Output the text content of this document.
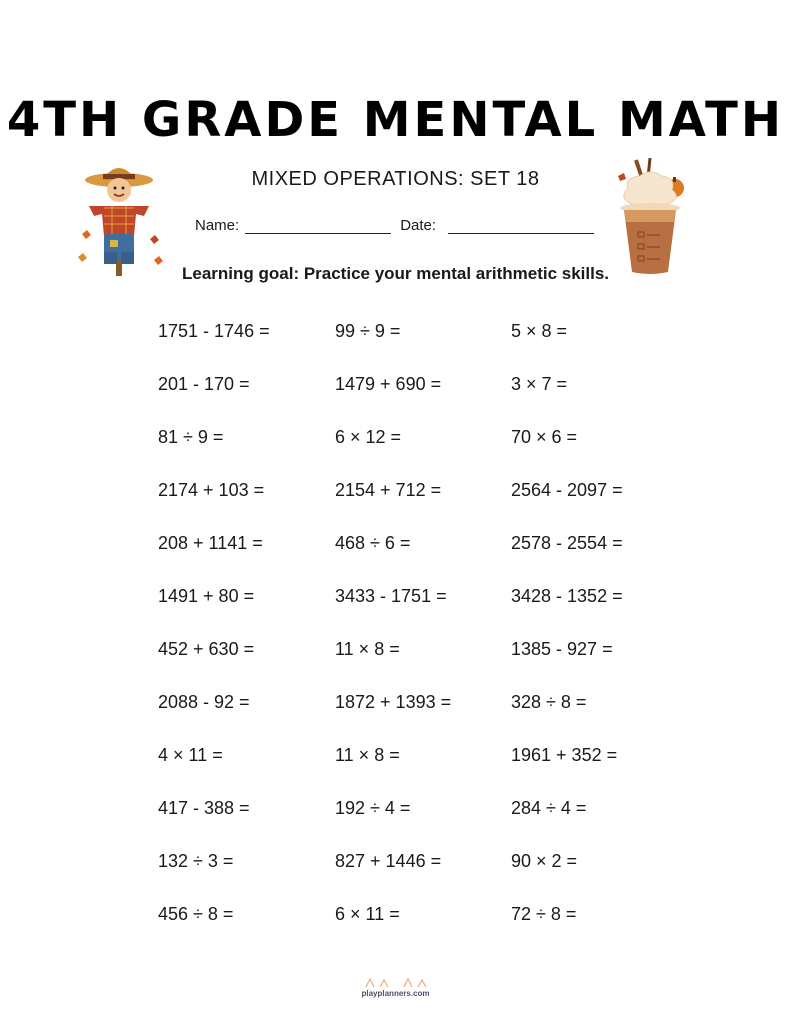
4TH GRADE MENTAL MATH
MIXED OPERATIONS: SET 18
Name:	Date:
Learning goal: Practice your mental arithmetic skills.

1751 - 1746 =

201 - 170 =

81 ÷ 9 =

2174 + 103 =

208 + 1141 =

1491 + 80 =

452 + 630 =

2088 - 92 =

4 × 11 =

417 - 388 =

132 ÷ 3 =

456 ÷ 8 =

99 ÷ 9 =

1479 + 690 =

6 × 12 =

2154 + 712 =

468 ÷ 6 =

3433 - 1751 =

11 × 8 =

1872 + 1393 =

11 × 8 =

192 ÷ 4 =

827 + 1446 =

6 × 11 =

5 × 8 =

3 × 7 =

70 × 6 =

2564 - 2097 =

2578 - 2554 =

3428 - 1352 =

1385 - 927 =

328 ÷ 8 =

1961 + 352 =

284 ÷ 4 =

90 × 2 =

72 ÷ 8 =

playplanners.com
